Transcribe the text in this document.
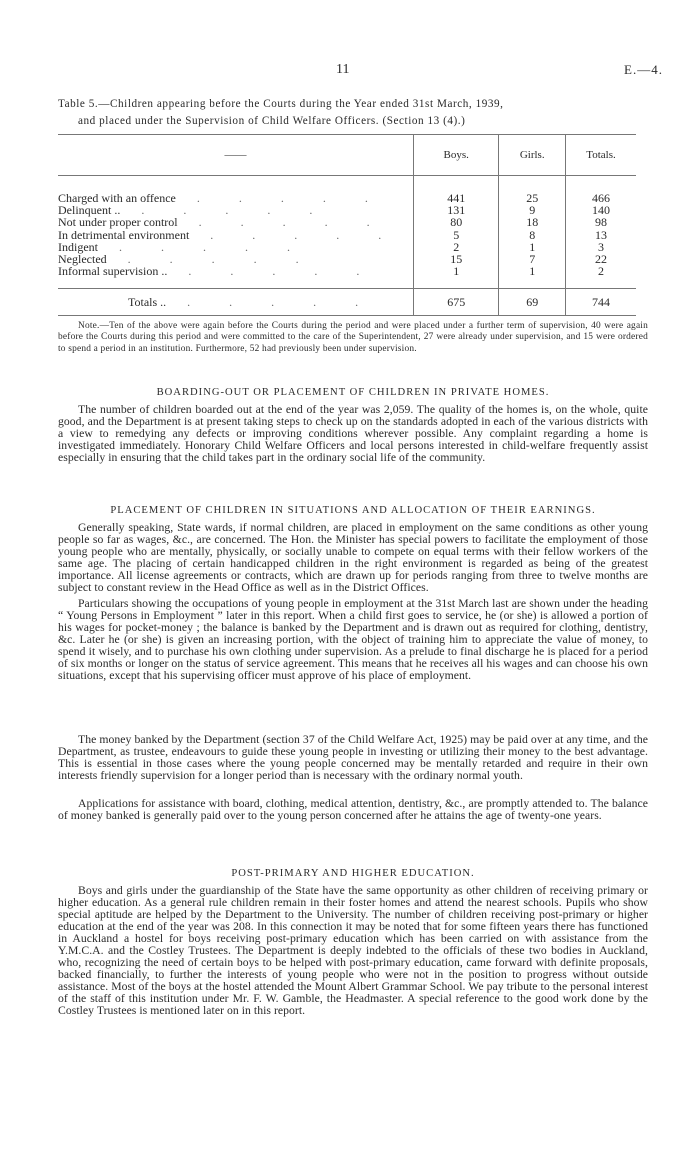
11	E.—4.
Table 5.—Children appearing before the Courts during the Year ended 31st March, 1939,
and placed under the Supervision of Child Welfare Officers. (Section 13 (4).)
——	Boys.	Girls.	Totals.

Charged with an offence . . . . .	441	25	466
Delinquent .. . . . . .	131	9	140
Not under proper control . . . . .	80	18	98
In detrimental environment . . . . .	5	8	13
Indigent . . . . .	2	1	3
Neglected . . . . .	15	7	22
Informal supervision .. . . . . .	1	1	2

Totals .. . . . . .	675	69	744
Note.—Ten of the above were again before the Courts during the period and were placed under a further term of supervision, 40 were again before the Courts during this period and were committed to the care of the Superintendent, 27 were already under supervision, and 15 were ordered to spend a period in an institution. Furthermore, 52 had previously been under supervision.
BOARDING-OUT OR PLACEMENT OF CHILDREN IN PRIVATE HOMES.
The number of children boarded out at the end of the year was 2,059. The quality of the homes is, on the whole, quite good, and the Department is at present taking steps to check up on the standards adopted in each of the various districts with a view to remedying any defects or improving conditions wherever possible. Any complaint regarding a home is investigated immediately. Honorary Child Welfare Officers and local persons interested in child-welfare frequently assist especially in ensuring that the child takes part in the ordinary social life of the community.
PLACEMENT OF CHILDREN IN SITUATIONS AND ALLOCATION OF THEIR EARNINGS.
Generally speaking, State wards, if normal children, are placed in employment on the same conditions as other young people so far as wages, &c., are concerned. The Hon. the Minister has special powers to facilitate the employment of those young people who are mentally, physically, or socially unable to compete on equal terms with their fellow workers of the same age. The placing of certain handicapped children in the right environment is regarded as being of the greatest importance. All license agreements or contracts, which are drawn up for periods ranging from three to twelve months are subject to constant review in the Head Office as well as in the District Offices.
Particulars showing the occupations of young people in employment at the 31st March last are shown under the heading “ Young Persons in Employment ” later in this report. When a child first goes to service, he (or she) is allowed a portion of his wages for pocket-money ; the balance is banked by the Department and is drawn out as required for clothing, dentistry, &c. Later he (or she) is given an increasing portion, with the object of training him to appreciate the value of money, to spend it wisely, and to purchase his own clothing under supervision. As a prelude to final discharge he is placed for a period of six months or longer on the status of service agreement. This means that he receives all his wages and can choose his own situations, except that his supervising officer must approve of his place of employment.
The money banked by the Department (section 37 of the Child Welfare Act, 1925) may be paid over at any time, and the Department, as trustee, endeavours to guide these young people in investing or utilizing their money to the best advantage. This is essential in those cases where the young people concerned may be mentally retarded and require in their own interests friendly supervision for a longer period than is necessary with the ordinary normal youth.
Applications for assistance with board, clothing, medical attention, dentistry, &c., are promptly attended to. The balance of money banked is generally paid over to the young person concerned after he attains the age of twenty-one years.
POST-PRIMARY AND HIGHER EDUCATION.
Boys and girls under the guardianship of the State have the same opportunity as other children of receiving primary or higher education. As a general rule children remain in their foster homes and attend the nearest schools. Pupils who show special aptitude are helped by the Department to the University. The number of children receiving post-primary or higher education at the end of the year was 208. In this connection it may be noted that for some fifteen years there has functioned in Auckland a hostel for boys receiving post-primary education which has been carried on with assistance from the Y.M.C.A. and the Costley Trustees. The Department is deeply indebted to the officials of these two bodies in Auckland, who, recognizing the need of certain boys to be helped with post-primary education, came forward with definite proposals, backed financially, to further the interests of young people who were not in the position to progress without outside assistance. Most of the boys at the hostel attended the Mount Albert Grammar School. We pay tribute to the personal interest of the staff of this institution under Mr. F. W. Gamble, the Headmaster. A special reference to the good work done by the Costley Trustees is mentioned later on in this report.
